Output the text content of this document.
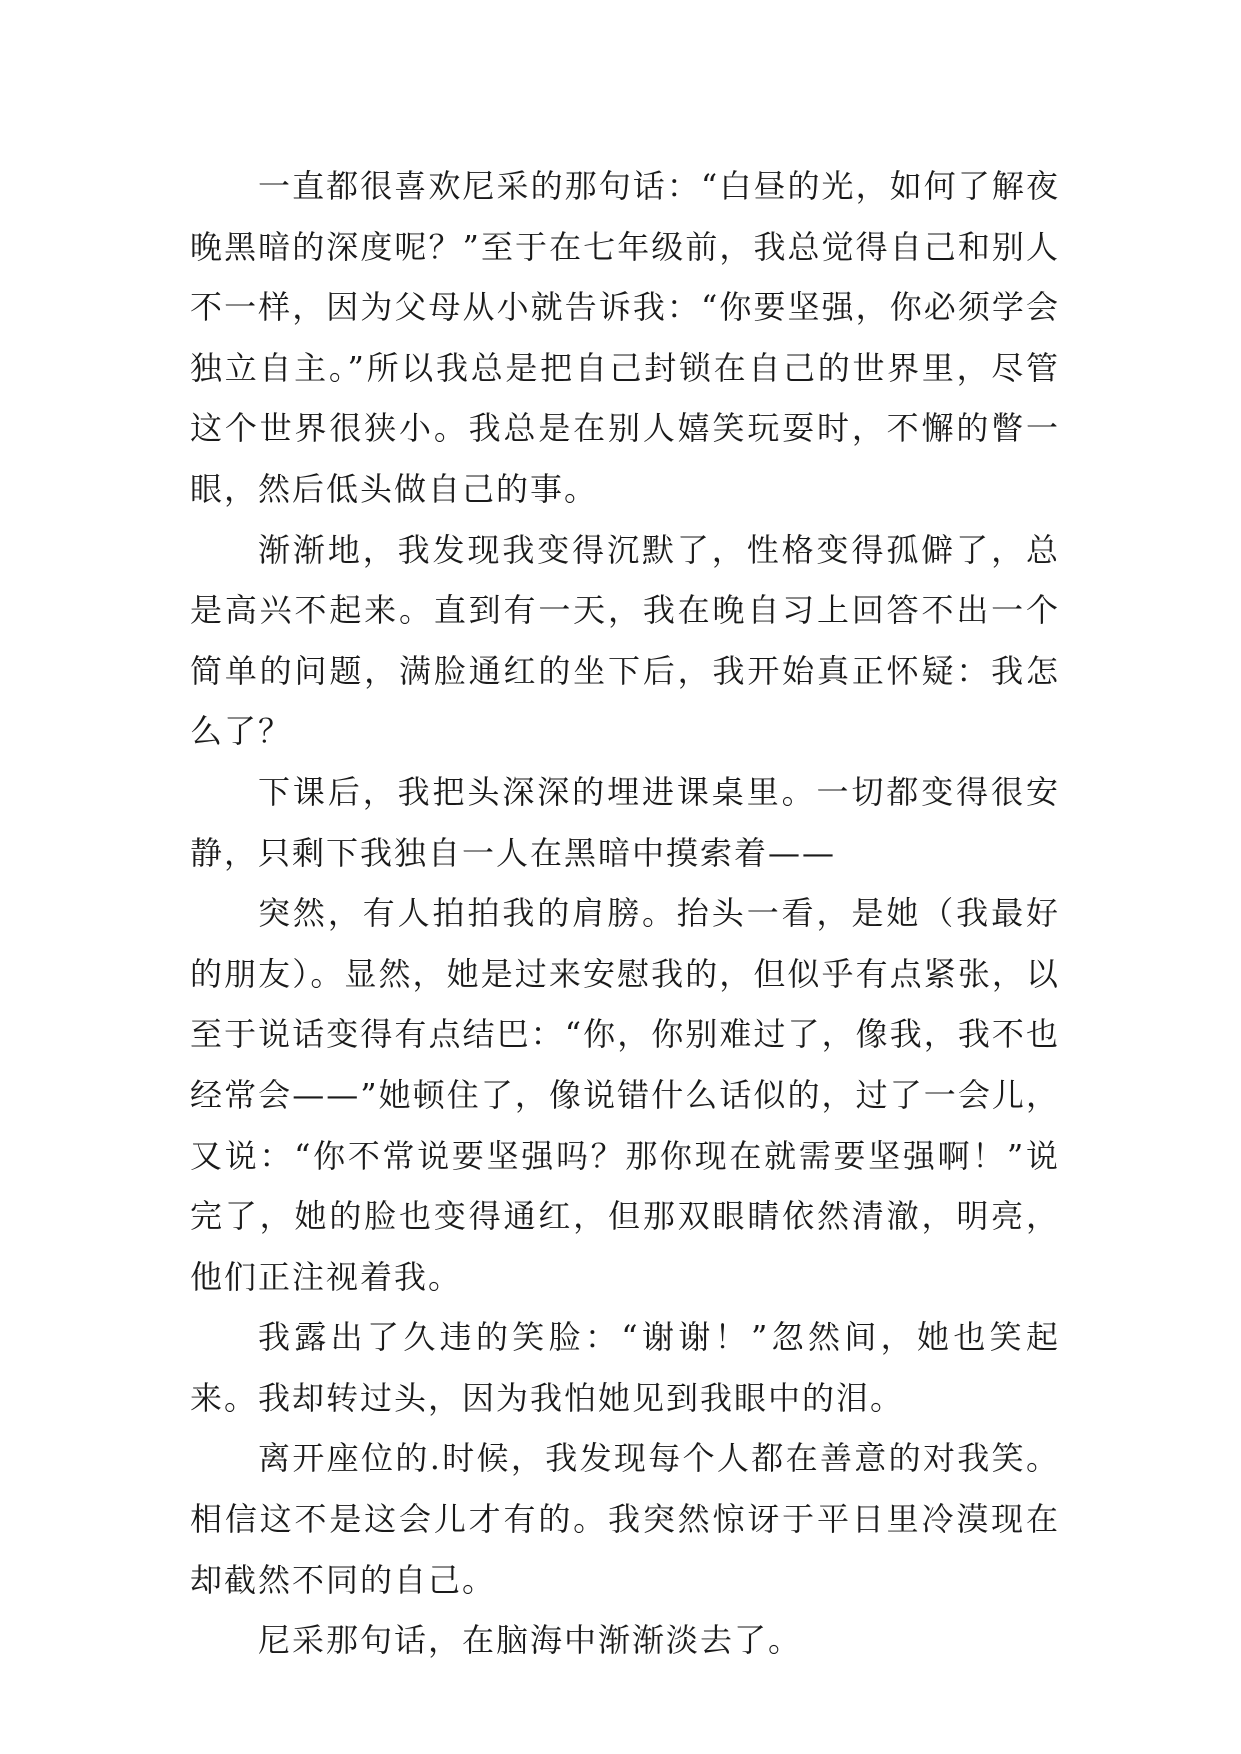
一直都很喜欢尼采的那句话：“白昼的光，如何了解夜晚黑暗的深度呢？”至于在七年级前，我总觉得自己和别人不一样，因为父母从小就告诉我：“你要坚强，你必须学会独立自主。”所以我总是把自己封锁在自己的世界里，尽管这个世界很狭小。我总是在别人嬉笑玩耍时，不懈的瞥一眼，然后低头做自己的事。

渐渐地，我发现我变得沉默了，性格变得孤僻了，总是高兴不起来。直到有一天，我在晚自习上回答不出一个简单的问题，满脸通红的坐下后，我开始真正怀疑：我怎么了？

下课后，我把头深深的埋进课桌里。一切都变得很安静，只剩下我独自一人在黑暗中摸索着——

突然，有人拍拍我的肩膀。抬头一看，是她（我最好的朋友）。显然，她是过来安慰我的，但似乎有点紧张，以至于说话变得有点结巴：“你，你别难过了，像我，我不也经常会——”她顿住了，像说错什么话似的，过了一会儿，又说：“你不常说要坚强吗？那你现在就需要坚强啊！”说完了，她的脸也变得通红，但那双眼睛依然清澈，明亮，他们正注视着我。

我露出了久违的笑脸：“谢谢！”忽然间，她也笑起来。我却转过头，因为我怕她见到我眼中的泪。

离开座位的.时候，我发现每个人都在善意的对我笑。相信这不是这会儿才有的。我突然惊讶于平日里冷漠现在却截然不同的自己。

尼采那句话，在脑海中渐渐淡去了。
